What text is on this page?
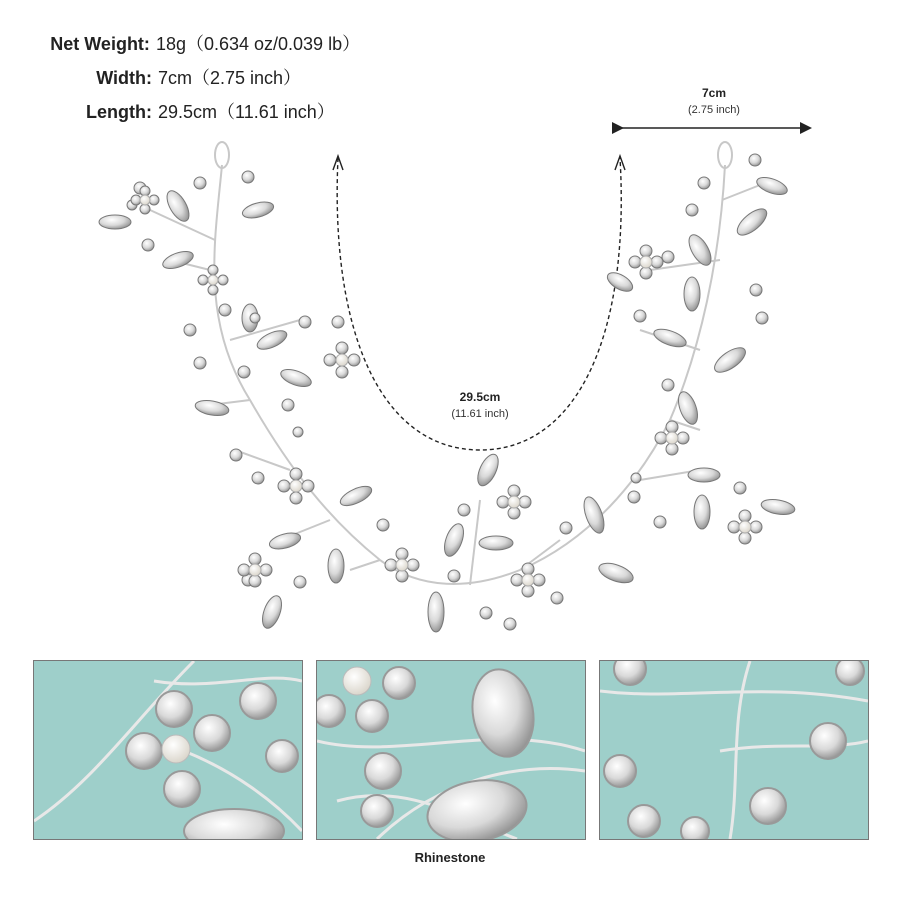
Net Weight: 18g（0.634 oz/0.039 lb）
Width: 7cm（2.75 inch）
Length: 29.5cm（11.61 inch）
7cm
(2.75 inch)
29.5cm
(11.61 inch)
Rhinestone
